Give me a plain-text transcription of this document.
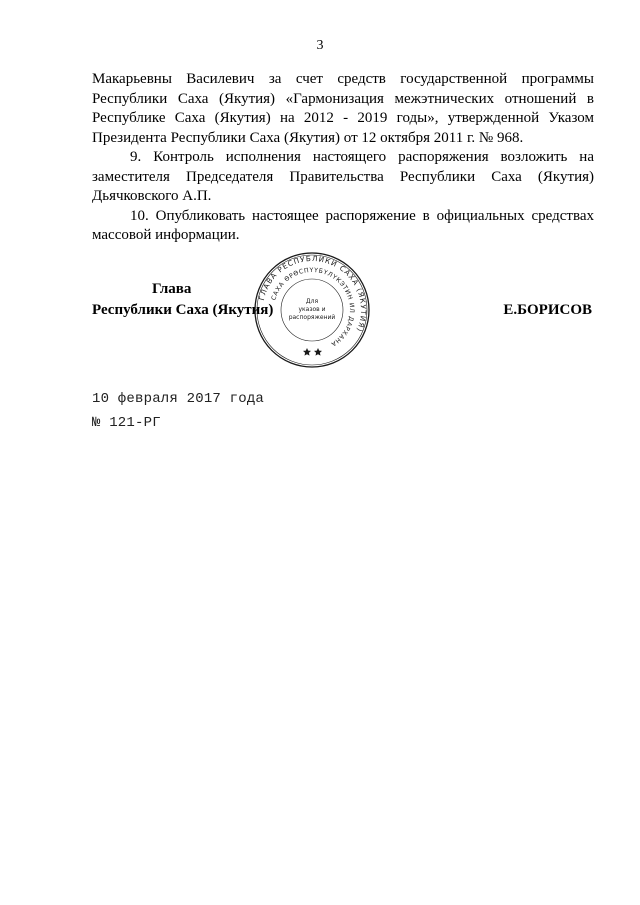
3

Макарьевны Василевич за счет средств государственной программы Республики Саха (Якутия) «Гармонизация межэтнических отношений в Республике Саха (Якутия) на 2012 - 2019 годы», утвержденной Указом Президента Республики Саха (Якутия) от 12 октября 2011 г. № 968.

9. Контроль исполнения настоящего распоряжения возложить на заместителя Председателя Правительства Республики Саха (Якутия) Дьячковского А.П.

10. Опубликовать настоящее распоряжение в официальных средствах массовой информации.

Глава
Республики Саха (Якутия)	Е.БОРИСОВ
ГЛАВА РЕСПУБЛИКИ САХА (ЯКУТИЯ)
САХА ӨРӨСПҮҮБҮЛҮКЭТИН ИЛ ДАРХАНА
Для
указов и
распоряжений
10 февраля 2017 года
№ 121-РГ
